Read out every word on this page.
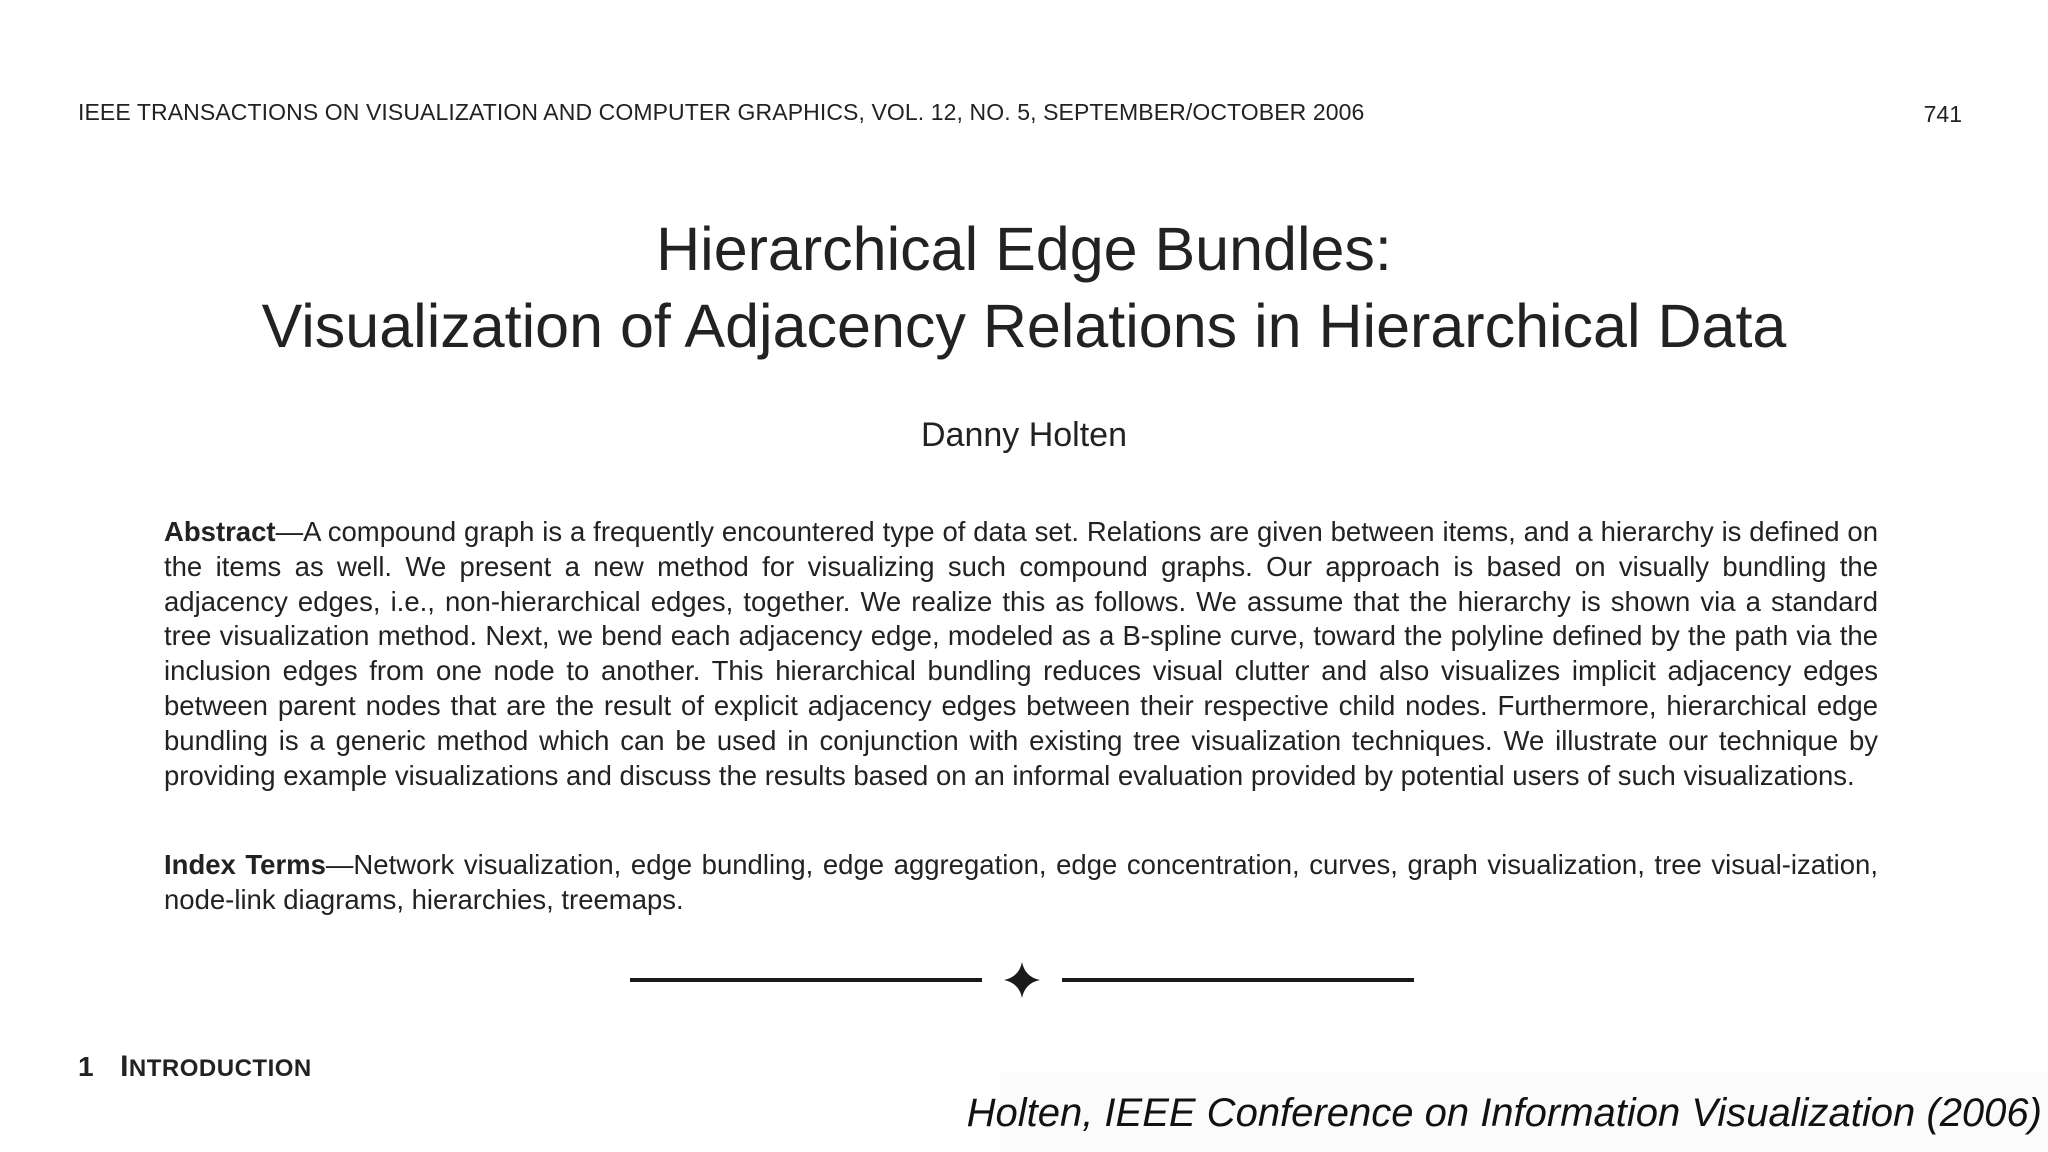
IEEE TRANSACTIONS ON VISUALIZATION AND COMPUTER GRAPHICS, VOL. 12, NO. 5, SEPTEMBER/OCTOBER 2006	741
Hierarchical Edge Bundles:
Visualization of Adjacency Relations in Hierarchical Data
Danny Holten
Abstract—A compound graph is a frequently encountered type of data set. Relations are given between items, and a hierarchy is defined on the items as well. We present a new method for visualizing such compound graphs. Our approach is based on visually bundling the adjacency edges, i.e., non-hierarchical edges, together. We realize this as follows. We assume that the hierarchy is shown via a standard tree visualization method. Next, we bend each adjacency edge, modeled as a B-spline curve, toward the polyline defined by the path via the inclusion edges from one node to another. This hierarchical bundling reduces visual clutter and also visualizes implicit adjacency edges between parent nodes that are the result of explicit adjacency edges between their respective child nodes. Furthermore, hierarchical edge bundling is a generic method which can be used in conjunction with existing tree visualization techniques. We illustrate our technique by providing example visualizations and discuss the results based on an informal evaluation provided by potential users of such visualizations.
Index Terms—Network visualization, edge bundling, edge aggregation, edge concentration, curves, graph visualization, tree visual-ization, node-link diagrams, hierarchies, treemaps.
1 INTRODUCTION
Holten, IEEE Conference on Information Visualization (2006)
